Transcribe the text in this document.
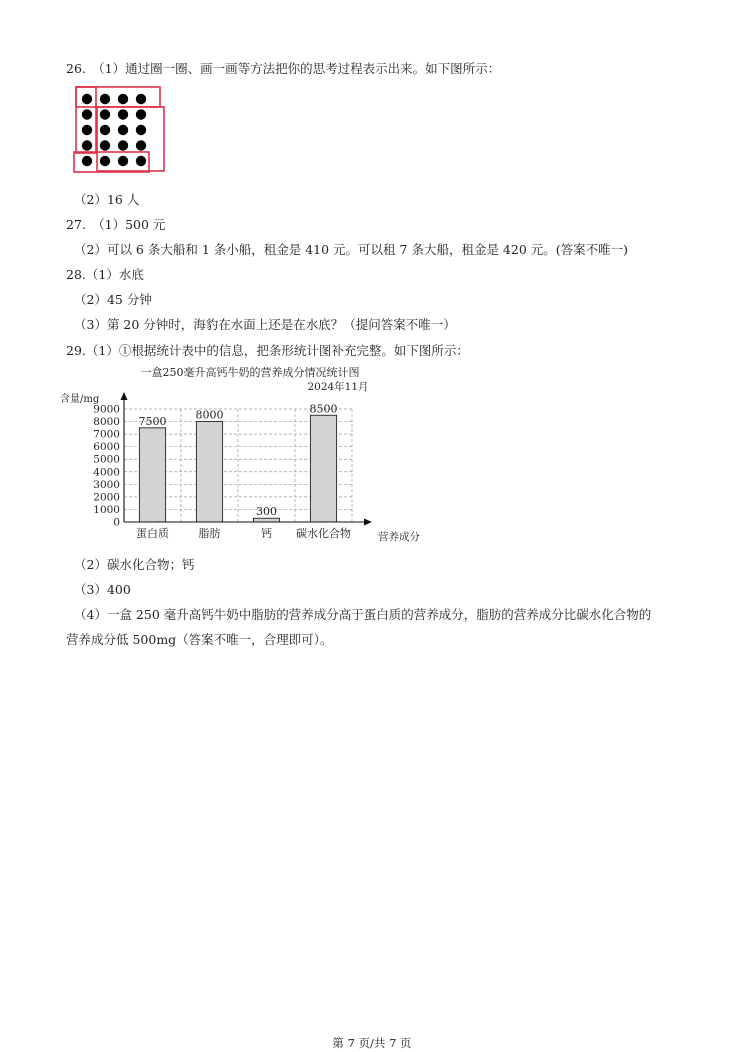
26.　（1）通过圈一圈、画一画等方法把你的思考过程表示出来。如下图所示：
（2）16 人
27.　（1）500 元
（2）可以 6 条大船和 1 条小船，租金是 410 元。可以租 7 条大船，租金是 420 元。(答案不唯一)
28.（1）水底
（2）45 分钟
（3）第 20 分钟时，海豹在水面上还是在水底？（提问答案不唯一）
29.（1）①根据统计表中的信息，把条形统计图补充完整。如下图所示：
一盒250毫升高钙牛奶的营养成分情况统计图
2024年11月
含量/mg
营养成分
0
1000
2000
3000
4000
5000
6000
7000
8000
9000
7500
蛋白质
8000
脂肪
300
钙
8500
碳水化合物
（2）碳水化合物；钙
（3）400
（4）一盒 250 毫升高钙牛奶中脂肪的营养成分高于蛋白质的营养成分，脂肪的营养成分比碳水化合物的
营养成分低 500mg（答案不唯一，合理即可）。
第 7 页/共 7 页
